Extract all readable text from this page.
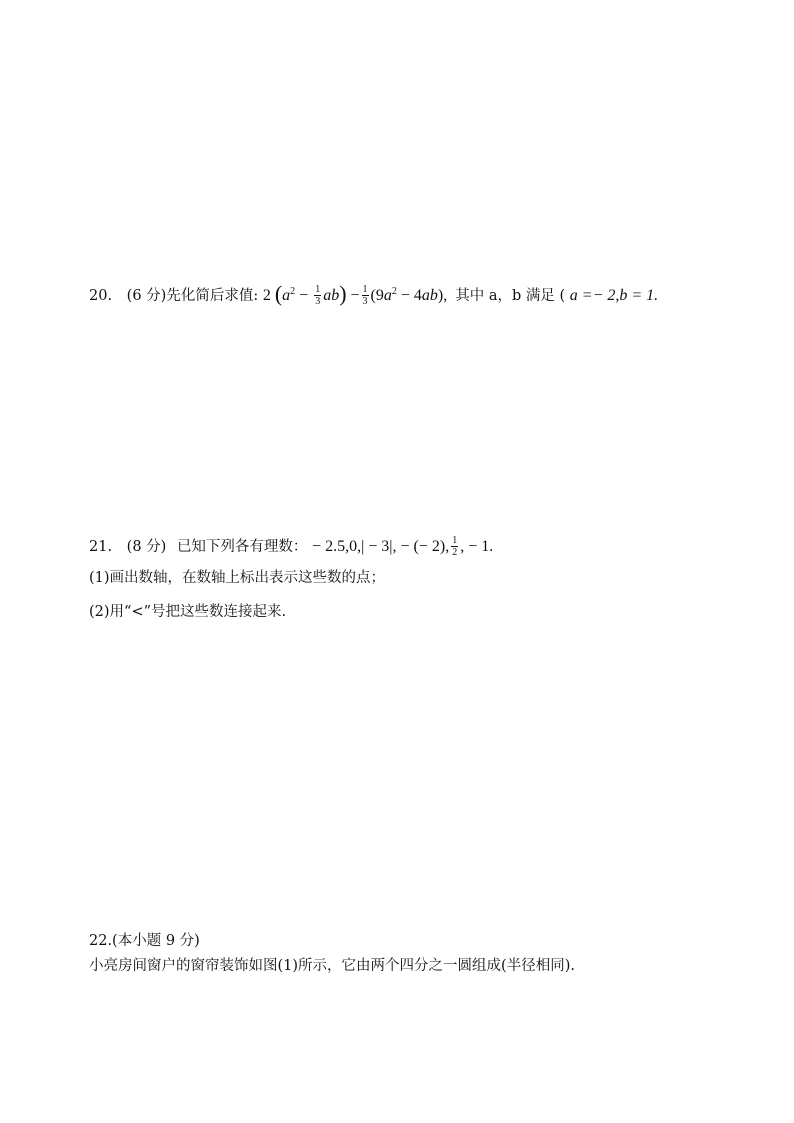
20. (6 分)先化简后求值: 2 $(a^2 - \frac{1}{3} ab) - \frac{1}{3} (9a^2 - 4ab)$, 其中 a，b 满足 ( a =− 2,b = 1.
21. (8 分) 已知下列各有理数： − 2.5,0,| − 3|, − (− 2), $\frac{1}{2}$ , − 1.
(1)画出数轴，在数轴上标出表示这些数的点；
(2)用“<”号把这些数连接起来.
22.(本小题 9 分)
小亮房间窗户的窗帘装饰如图(1)所示，它由两个四分之一圆组成(半径相同).
